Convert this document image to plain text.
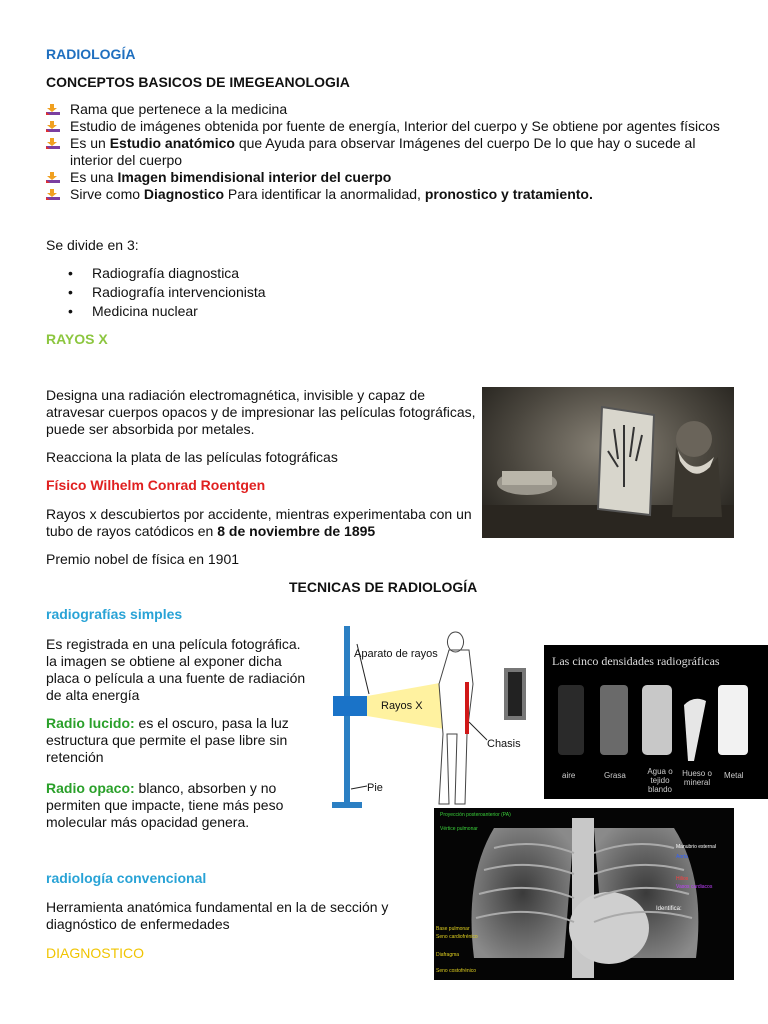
RADIOLOGÍA
CONCEPTOS BASICOS DE IMEGEANOLOGIA
Rama que pertenece a la medicina
Estudio de imágenes obtenida por fuente de energía, Interior del cuerpo y Se obtiene por agentes físicos
Es un Estudio anatómico que Ayuda para observar Imágenes del cuerpo De lo que hay o sucede al interior del cuerpo
Es una Imagen bimendisional interior del cuerpo
Sirve como Diagnostico Para identificar la anormalidad, pronostico y tratamiento.

Se divide en 3:

• Radiografía diagnostica
• Radiografía intervencionista
• Medicina nuclear
RAYOS X

Designa una radiación electromagnética, invisible y capaz de atravesar cuerpos opacos y de impresionar las películas fotográficas, puede ser absorbida por metales.

Reacciona la plata de las películas fotográficas

Físico Wilhelm Conrad Roentgen

Rayos x descubiertos por accidente, mientras experimentaba con un tubo de rayos catódicos en 8 de noviembre de 1895

Premio nobel de física en 1901

TECNICAS DE RADIOLOGÍA
radiografías simples

Es registrada en una película fotográfica. la imagen se obtiene al exponer dicha placa o película a una fuente de radiación de alta energía

Radio lucido: es el oscuro, pasa la luz estructura que permite el pase libre sin retención

Radio opaco: blanco, absorben y no permiten que impacte, tiene más peso molecular más opacidad genera.

Aparato de rayos
Rayos X
Chasis
Pie
Las cinco densidades radiográficas
aire	Grasa	Agua o tejido blando
Hueso o mineral
Metal
Proyección posteroanterior (PA)
Vértice pulmonar
Base pulmonar
Seno cardiofrénico
Diafragma
Seno costofrénico
Manubrio esternal
Aorta
Hilios
Vasos cardiacos
Identifica:
radiología convencional

Herramienta anatómica fundamental en la de sección y diagnóstico de enfermedades

DIAGNOSTICO
